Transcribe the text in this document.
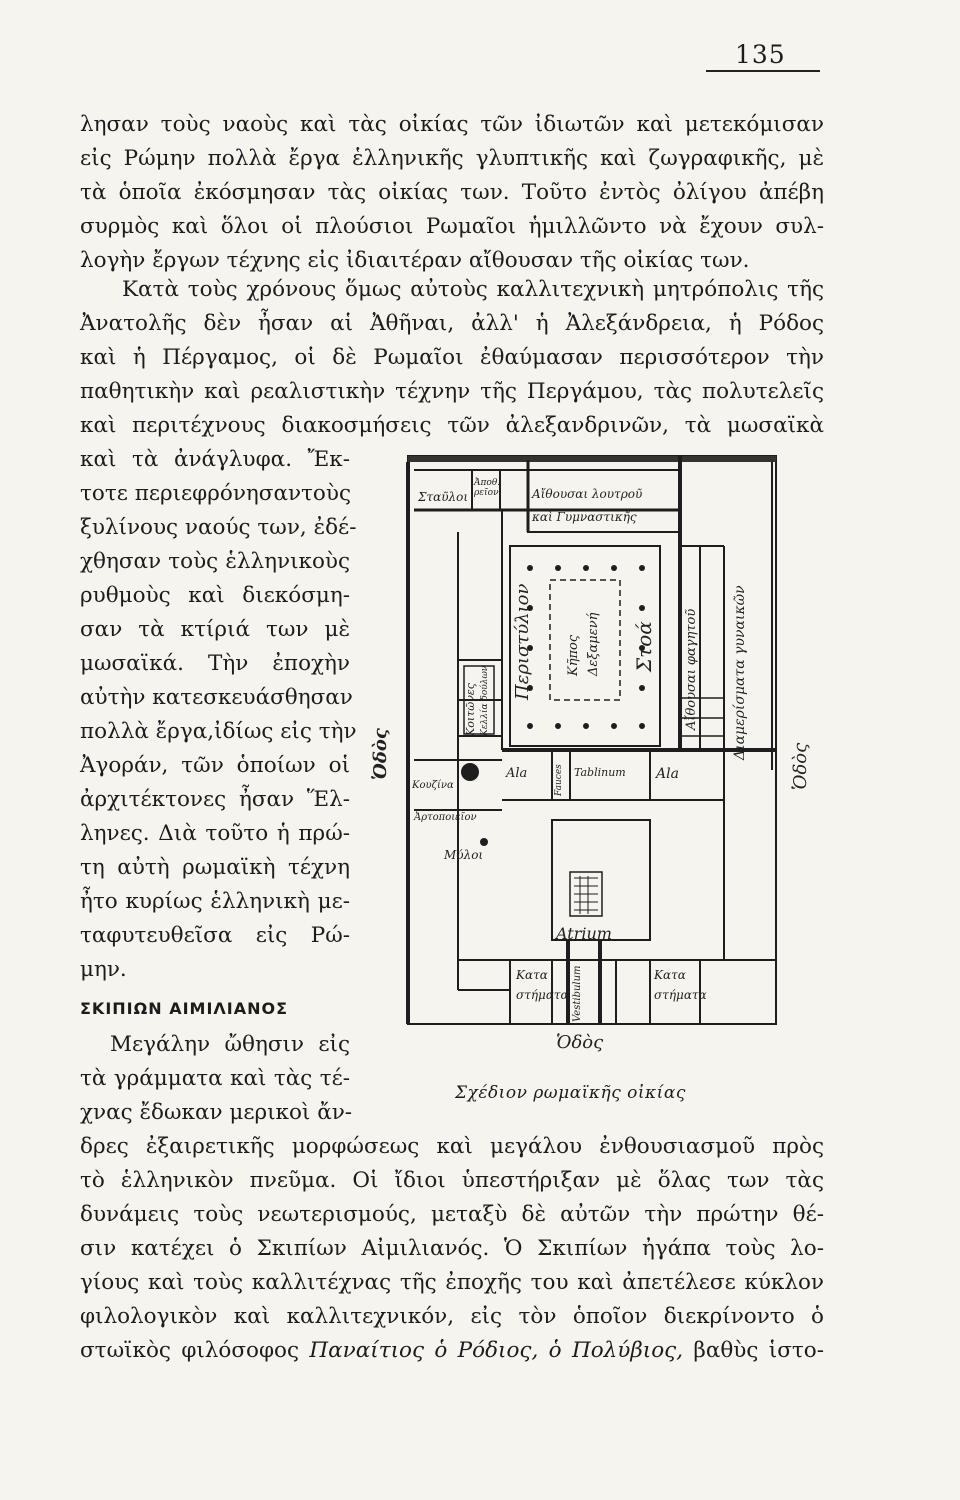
135
λησαν τοὺς ναοὺς καὶ τὰς οἰκίας τῶν ἰδιωτῶν καὶ μετεκόμισαν
εἰς Ρώμην πολλὰ ἔργα ἑλληνικῆς γλυπτικῆς καὶ ζωγραφικῆς, μὲ
τὰ ὁποῖα ἐκόσμησαν τὰς οἰκίας των. Τοῦτο ἐντὸς ὀλίγου ἀπέβη
συρμὸς καὶ ὅλοι οἱ πλούσιοι Ρωμαῖοι ἡμιλλῶντο νὰ ἔχουν συλ-
λογὴν ἔργων τέχνης εἰς ἰδιαιτέραν αἴθουσαν τῆς οἰκίας των.
Κατὰ τοὺς χρόνους ὅμως αὐτοὺς καλλιτεχνικὴ μητρόπολις τῆς
Ἀνατολῆς δὲν ἦσαν αἱ Ἀθῆναι, ἀλλ' ἡ Ἀλεξάνδρεια, ἡ Ρόδος
καὶ ἡ Πέργαμος, οἱ δὲ Ρωμαῖοι ἐθαύμασαν περισσότερον τὴν
παθητικὴν καὶ ρεαλιστικὴν τέχνην τῆς Περγάμου, τὰς πολυτελεῖς
καὶ περιτέχνους διακοσμήσεις τῶν ἀλεξανδρινῶν, τὰ μωσαϊκὰ
καὶ τὰ ἀνάγλυφα. Ἔκ-
τοτε περιεφρόνησαντοὺς
ξυλίνους ναούς των, ἐδέ-
χθησαν τοὺς ἑλληνικοὺς
ρυθμοὺς καὶ διεκόσμη-
σαν τὰ κτίριά των μὲ
μωσαϊκά. Τὴν ἐποχὴν
αὐτὴν κατεσκευάσθησαν
πολλὰ ἔργα,ἰδίως εἰς τὴν
Ἀγοράν, τῶν ὁποίων οἱ
ἀρχιτέκτονες ἦσαν Ἕλ-
ληνες. Διὰ τοῦτο ἡ πρώ-
τη αὐτὴ ρωμαϊκὴ τέχνη
ἦτο κυρίως ἑλληνικὴ με-
ταφυτευθεῖσα εἰς Ρώ-
μην.
ΣΚΙΠΙΩΝ ΑΙΜΙΛΙΑΝΟΣ
Μεγάλην ὤθησιν εἰς
τὰ γράμματα καὶ τὰς τέ-
χνας ἔδωκαν μερικοὶ ἄν-
δρες ἐξαιρετικῆς μορφώσεως καὶ μεγάλου ἐνθουσιασμοῦ πρὸς
τὸ ἑλληνικὸν πνεῦμα. Οἱ ἴδιοι ὑπεστήριξαν μὲ ὅλας των τὰς
δυνάμεις τοὺς νεωτερισμούς, μεταξὺ δὲ αὐτῶν τὴν πρώτην θέ-
σιν κατέχει ὁ Σκιπίων Αἰμιλιανός. Ὁ Σκιπίων ἠγάπα τοὺς λο-
γίους καὶ τοὺς καλλιτέχνας τῆς ἐποχῆς του καὶ ἀπετέλεσε κύκλον
φιλολογικὸν καὶ καλλιτεχνικόν, εἰς τὸν ὁποῖον διεκρίνοντο ὁ
στωϊκὸς φιλόσοφος Παναίτιος ὁ Ρόδιος, ὁ Πολύβιος, βαθὺς ἱστο-
Σταῦλοι
Ἀποθ. ρεῖον	Αἴθουσαι λουτροῦ
καὶ Γυμναστικῆς
Περιστύλιον	Κῆπος Δεξαμενή Στοά Αἴθουσαι φαγητοῦ Διαμερίσματα γυναικῶν
Κοιτῶνες Κελλία δούλων
Ala	Ala
Fauces Tablinum
Κουζίνα
Ἀρτοποιεῖον
Μύλοι
Atrium
Κατα
στήματα Vestibulum	Κατα
στήματα
Ὁδὸς
Ὁδὸς	Ὁδὸς
Σχέδιον ρωμαϊκῆς οἰκίας
